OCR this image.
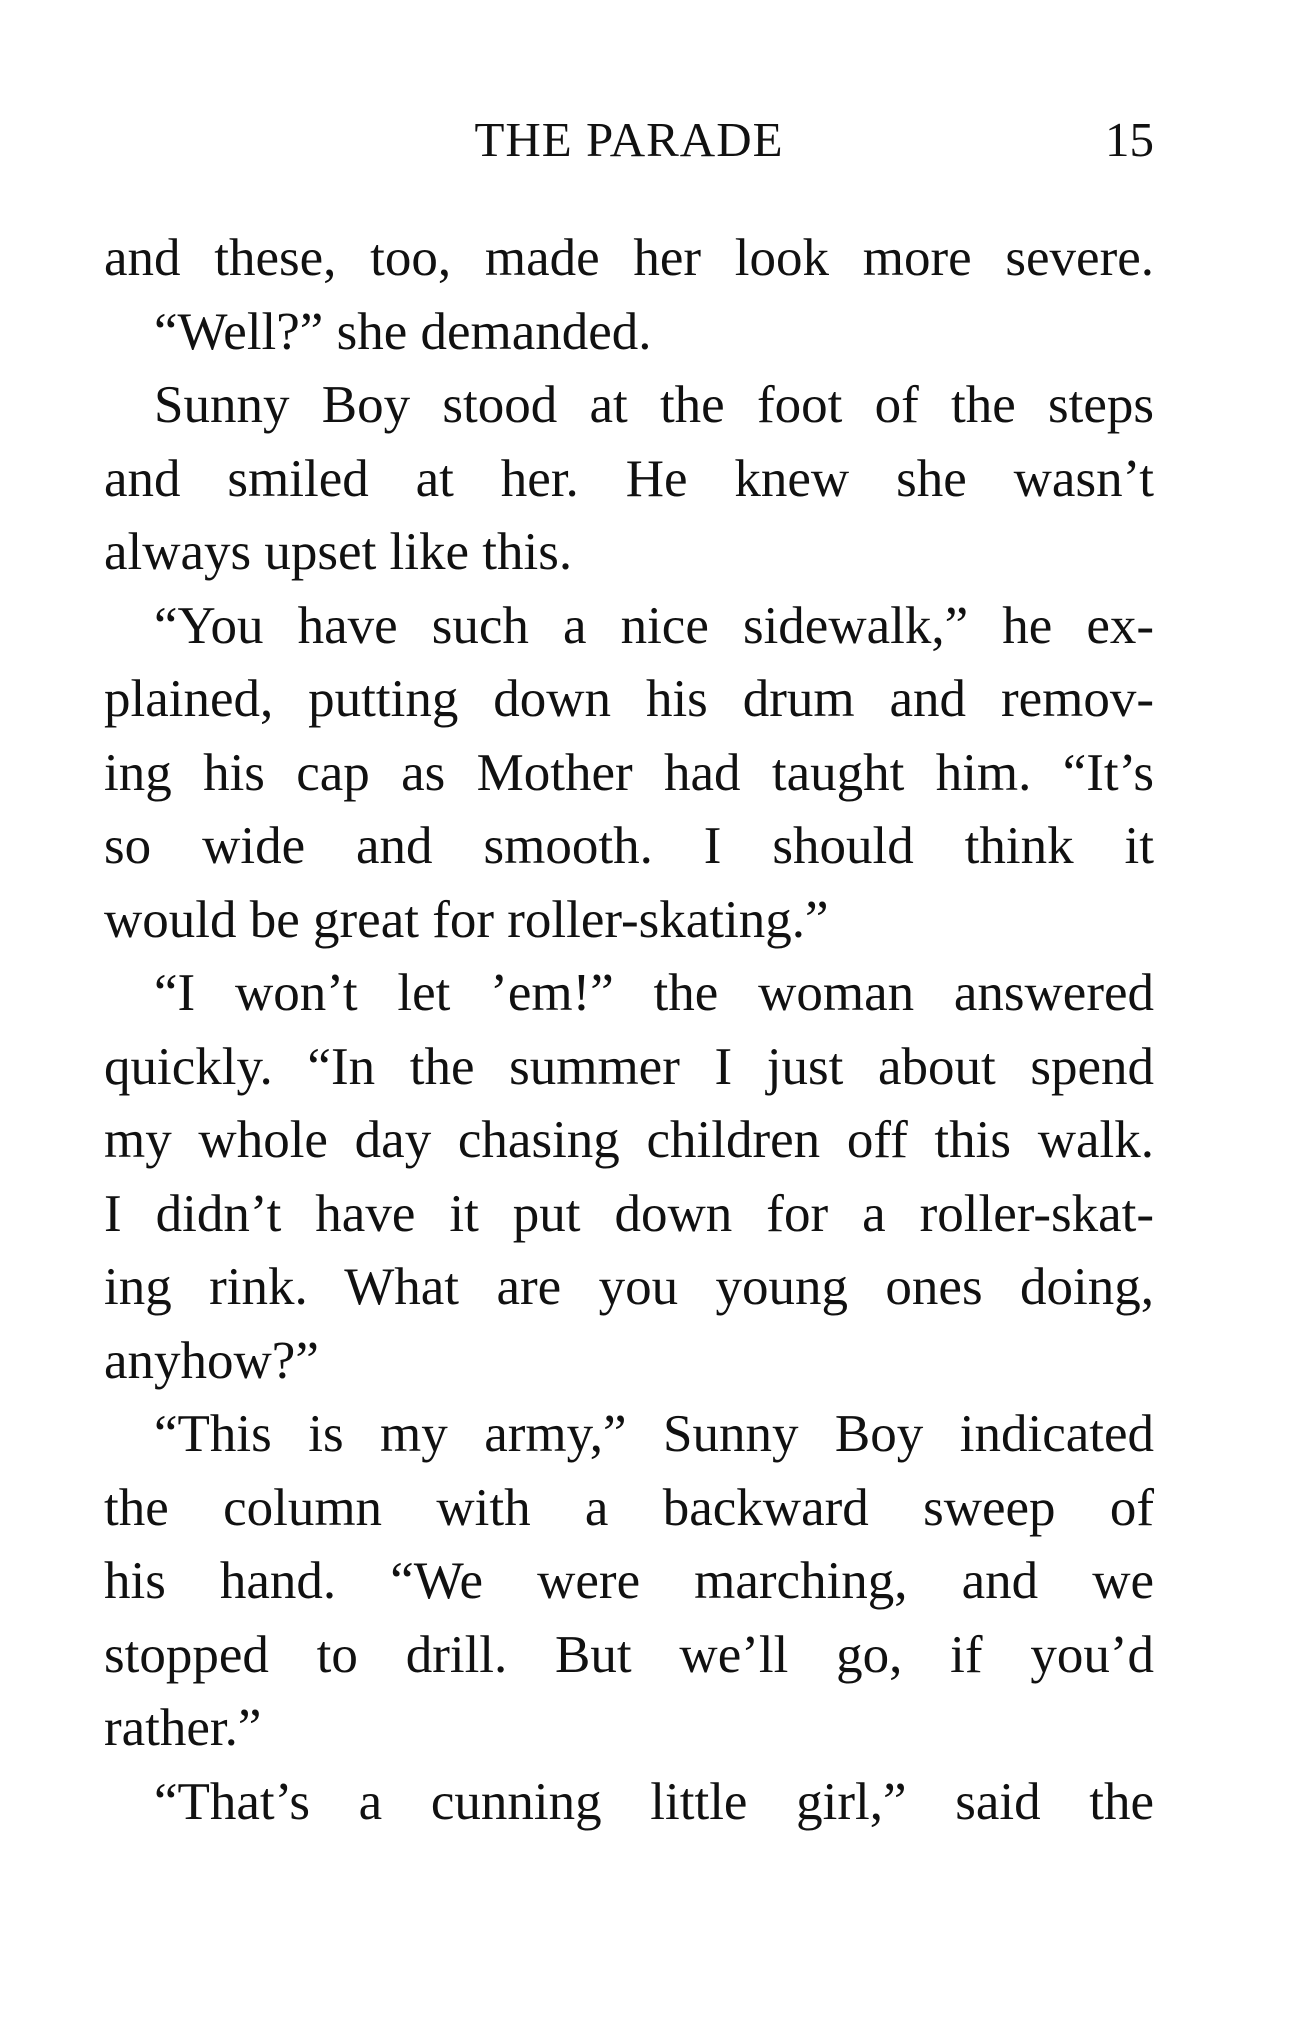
THE PARADE	15
and these, too, made her look more severe.
“Well?” she demanded.
Sunny Boy stood at the foot of the steps
and smiled at her. He knew she wasn’t
always upset like this.
“You have such a nice sidewalk,” he ex-
plained, putting down his drum and remov-
ing his cap as Mother had taught him. “It’s
so wide and smooth. I should think it
would be great for roller-skating.”
“I won’t let ’em!” the woman answered
quickly. “In the summer I just about spend
my whole day chasing children off this walk.
I didn’t have it put down for a roller-skat-
ing rink. What are you young ones doing,
anyhow?”
“This is my army,” Sunny Boy indicated
the column with a backward sweep of
his hand. “We were marching, and we
stopped to drill. But we’ll go, if you’d
rather.”
“That’s a cunning little girl,” said the
